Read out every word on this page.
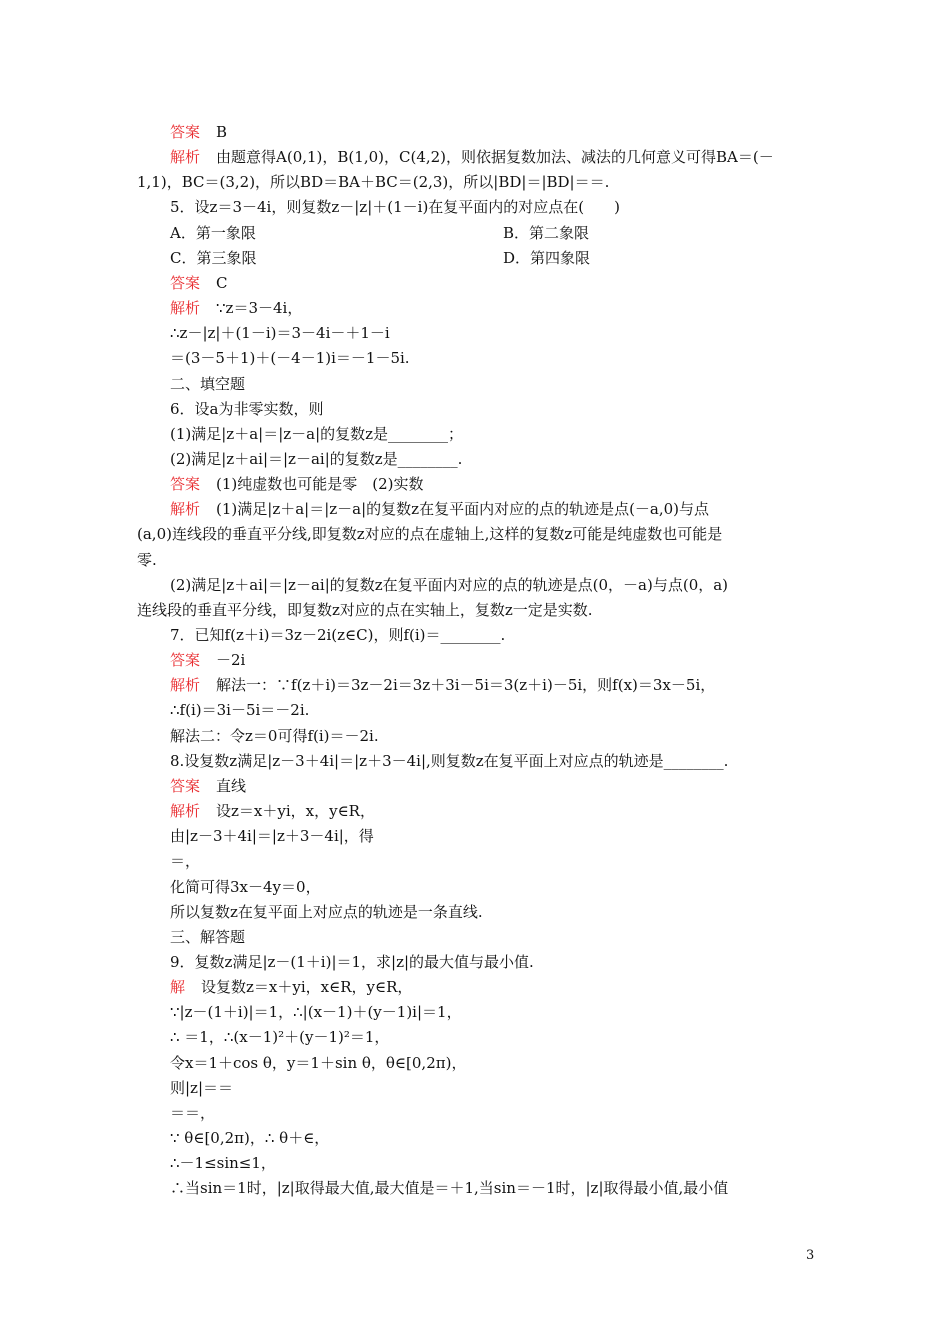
答案 B
解析 由题意得A(0,1)，B(1,0)，C(4,2)，则依据复数加法、减法的几何意义可得BA＝(－
1,1)，BC＝(3,2)，所以BD＝BA＋BC＝(2,3)，所以|BD|＝|BD|＝＝.
5．设z＝3－4i，则复数z－|z|＋(1－i)在复平面内的对应点在(　　)
A．第一象限	B．第二象限
C．第三象限	D．第四象限
答案 C
解析 ∵z＝3－4i，
∴z－|z|＋(1－i)＝3－4i－＋1－i
＝(3－5＋1)＋(－4－1)i＝－1－5i.
二、填空题
6．设a为非零实数，则
(1)满足|z＋a|＝|z－a|的复数z是________；
(2)满足|z＋ai|＝|z－ai|的复数z是________.
答案 (1)纯虚数也可能是零　(2)实数
解析 (1)满足|z＋a|＝|z－a|的复数z在复平面内对应的点的轨迹是点(－a,0)与点
(a,0)连线段的垂直平分线,即复数z对应的点在虚轴上,这样的复数z可能是纯虚数也可能是
零.
(2)满足|z＋ai|＝|z－ai|的复数z在复平面内对应的点的轨迹是点(0，－a)与点(0，a)
连线段的垂直平分线，即复数z对应的点在实轴上，复数z一定是实数.
7．已知f(z＋i)＝3z－2i(z∈C)，则f(i)＝________.
答案 －2i
解析 解法一：∵f(z＋i)＝3z－2i＝3z＋3i－5i＝3(z＋i)－5i，则f(x)＝3x－5i，
∴f(i)＝3i－5i＝－2i.
解法二：令z＝0可得f(i)＝－2i.
8.设复数z满足|z－3＋4i|＝|z＋3－4i|,则复数z在复平面上对应点的轨迹是________.
答案 直线
解析 设z＝x＋yi，x，y∈R，
由|z－3＋4i|＝|z＋3－4i|，得
＝，
化简可得3x－4y＝0，
所以复数z在复平面上对应点的轨迹是一条直线.
三、解答题
9．复数z满足|z－(1＋i)|＝1，求|z|的最大值与最小值.
解 设复数z＝x＋yi，x∈R，y∈R，
∵|z－(1＋i)|＝1，∴|(x－1)＋(y－1)i|＝1，
∴ ＝1，∴(x－1)²＋(y－1)²＝1，
令x＝1＋cos θ，y＝1＋sin θ，θ∈[0,2π)，
则|z|＝＝
＝＝，
∵ θ∈[0,2π)，∴ θ＋∈，
∴－1≤sin≤1，
∴当sin＝1时，|z|取得最大值,最大值是＝＋1,当sin＝－1时，|z|取得最小值,最小值
3
